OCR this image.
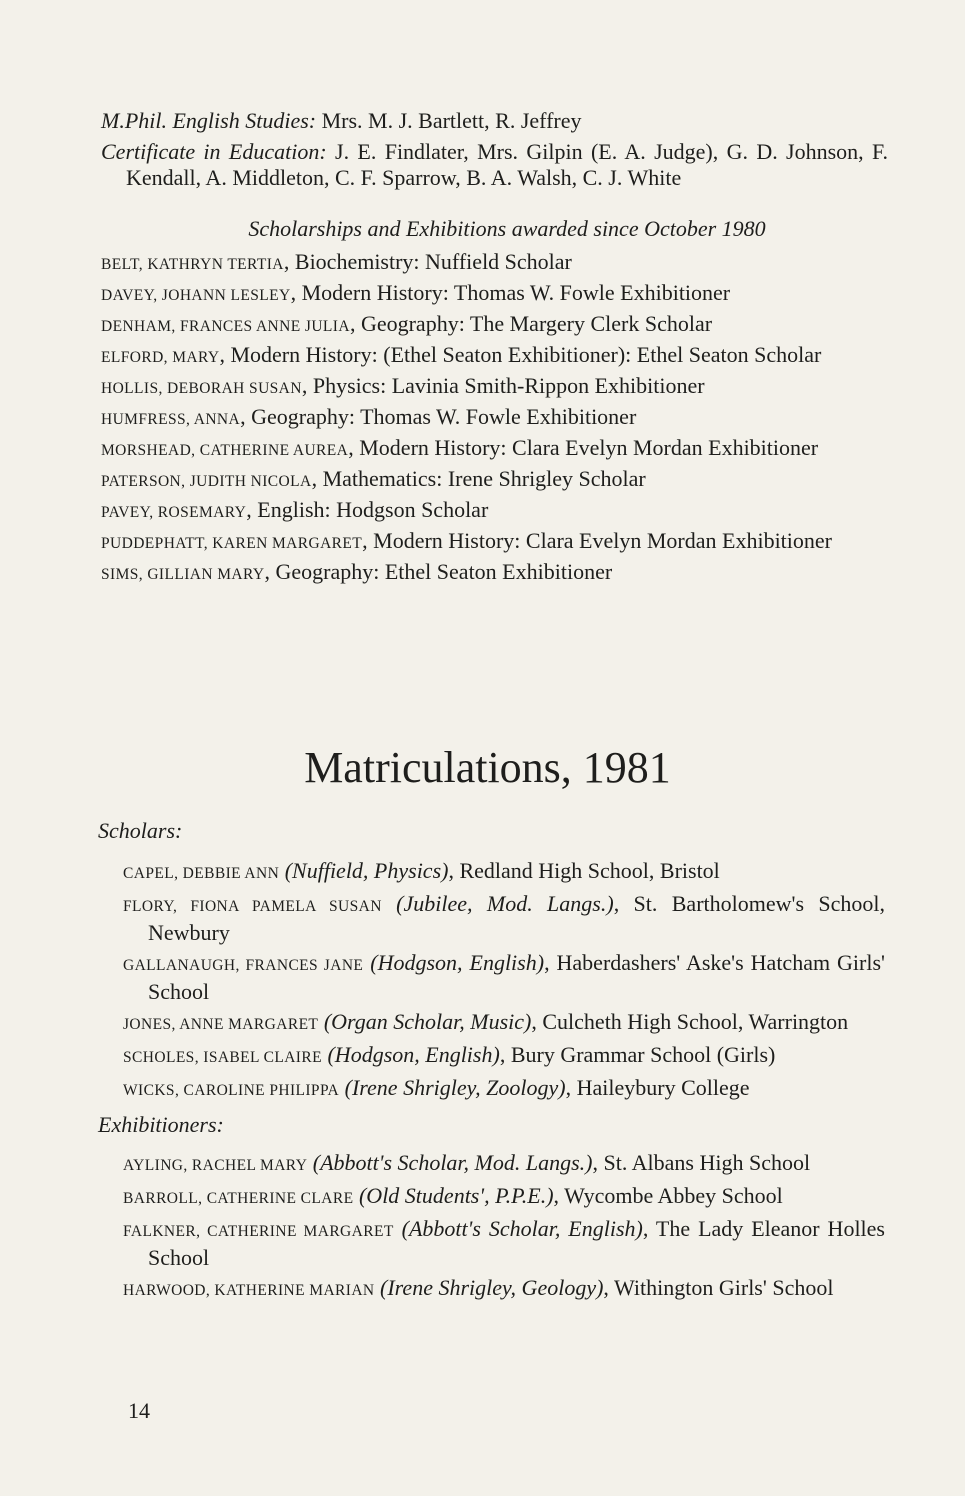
M.Phil. English Studies: Mrs. M. J. Bartlett, R. Jeffrey

Certificate in Education: J. E. Findlater, Mrs. Gilpin (E. A. Judge), G. D. Johnson, F. Kendall, A. Middleton, C. F. Sparrow, B. A. Walsh, C. J. White

Scholarships and Exhibitions awarded since October 1980

BELT, KATHRYN TERTIA, Biochemistry: Nuffield Scholar

DAVEY, JOHANN LESLEY, Modern History: Thomas W. Fowle Exhibitioner

DENHAM, FRANCES ANNE JULIA, Geography: The Margery Clerk Scholar

ELFORD, MARY, Modern History: (Ethel Seaton Exhibitioner): Ethel Seaton Scholar

HOLLIS, DEBORAH SUSAN, Physics: Lavinia Smith-Rippon Exhibitioner

HUMFRESS, ANNA, Geography: Thomas W. Fowle Exhibitioner

MORSHEAD, CATHERINE AUREA, Modern History: Clara Evelyn Mordan Exhibitioner

PATERSON, JUDITH NICOLA, Mathematics: Irene Shrigley Scholar

PAVEY, ROSEMARY, English: Hodgson Scholar

PUDDEPHATT, KAREN MARGARET, Modern History: Clara Evelyn Mordan Exhibitioner

SIMS, GILLIAN MARY, Geography: Ethel Seaton Exhibitioner

Matriculations, 1981
Scholars:

CAPEL, DEBBIE ANN (Nuffield, Physics), Redland High School, Bristol

FLORY, FIONA PAMELA SUSAN (Jubilee, Mod. Langs.), St. Bartholomew's School, Newbury

GALLANAUGH, FRANCES JANE (Hodgson, English), Haberdashers' Aske's Hatcham Girls' School

JONES, ANNE MARGARET (Organ Scholar, Music), Culcheth High School, Warrington

SCHOLES, ISABEL CLAIRE (Hodgson, English), Bury Grammar School (Girls)

WICKS, CAROLINE PHILIPPA (Irene Shrigley, Zoology), Haileybury College

Exhibitioners:

AYLING, RACHEL MARY (Abbott's Scholar, Mod. Langs.), St. Albans High School

BARROLL, CATHERINE CLARE (Old Students', P.P.E.), Wycombe Abbey School

FALKNER, CATHERINE MARGARET (Abbott's Scholar, English), The Lady Eleanor Holles School

HARWOOD, KATHERINE MARIAN (Irene Shrigley, Geology), Withington Girls' School

14
